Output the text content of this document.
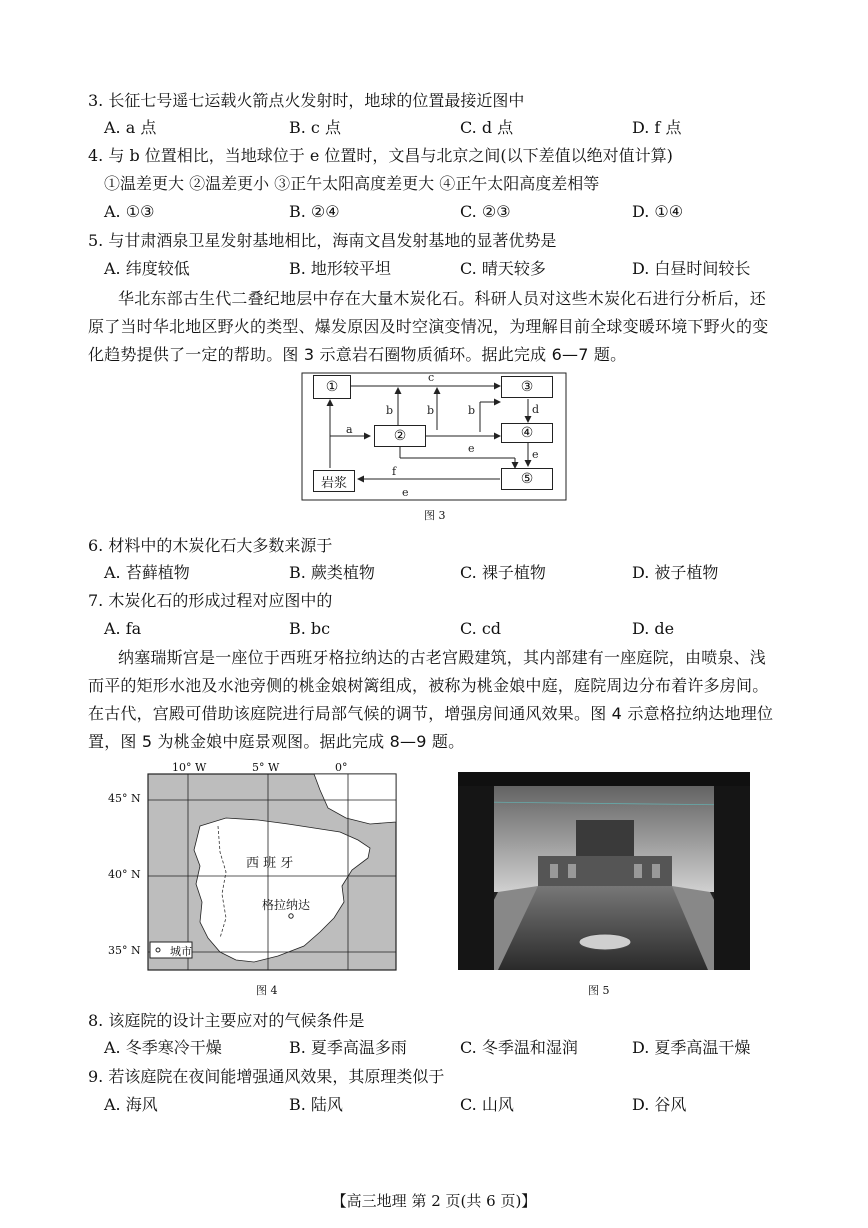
3. 长征七号遥七运载火箭点火发射时，地球的位置最接近图中
A. a 点	B. c 点	C. d 点	D. f 点
4. 与 b 位置相比，当地球位于 e 位置时，文昌与北京之间(以下差值以绝对值计算)
①温差更大 ②温差更小 ③正午太阳高度差更大 ④正午太阳高度差相等
A. ①③	B. ②④	C. ②③	D. ①④
5. 与甘肃酒泉卫星发射基地相比，海南文昌发射基地的显著优势是
A. 纬度较低	B. 地形较平坦	C. 晴天较多	D. 白昼时间较长
华北东部古生代二叠纪地层中存在大量木炭化石。科研人员对这些木炭化石进行分析后，还原了当时华北地区野火的类型、爆发原因及时空演变情况，为理解目前全球变暖环境下野火的变化趋势提供了一定的帮助。图 3 示意岩石圈物质循环。据此完成 6—7 题。
c
b	b	b	d
a
e	e
f
e
①
②
③
④
⑤
岩浆
图 3
6. 材料中的木炭化石大多数来源于
A. 苔藓植物	B. 蕨类植物	C. 裸子植物	D. 被子植物
7. 木炭化石的形成过程对应图中的
A. fa	B. bc	C. cd	D. de
纳塞瑞斯宫是一座位于西班牙格拉纳达的古老宫殿建筑，其内部建有一座庭院，由喷泉、浅而平的矩形水池及水池旁侧的桃金娘树篱组成，被称为桃金娘中庭，庭院周边分布着许多房间。在古代，宫殿可借助该庭院进行局部气候的调节，增强房间通风效果。图 4 示意格拉纳达地理位置，图 5 为桃金娘中庭景观图。据此完成 8—9 题。
10° W	5° W	0°
45° N
40° N
35° N
西 班 牙
格拉纳达
城市
图 4	图 5
8. 该庭院的设计主要应对的气候条件是
A. 冬季寒冷干燥	B. 夏季高温多雨	C. 冬季温和湿润	D. 夏季高温干燥
9. 若该庭院在夜间能增强通风效果，其原理类似于
A. 海风	B. 陆风	C. 山风	D. 谷风
【高三地理 第 2 页(共 6 页)】
